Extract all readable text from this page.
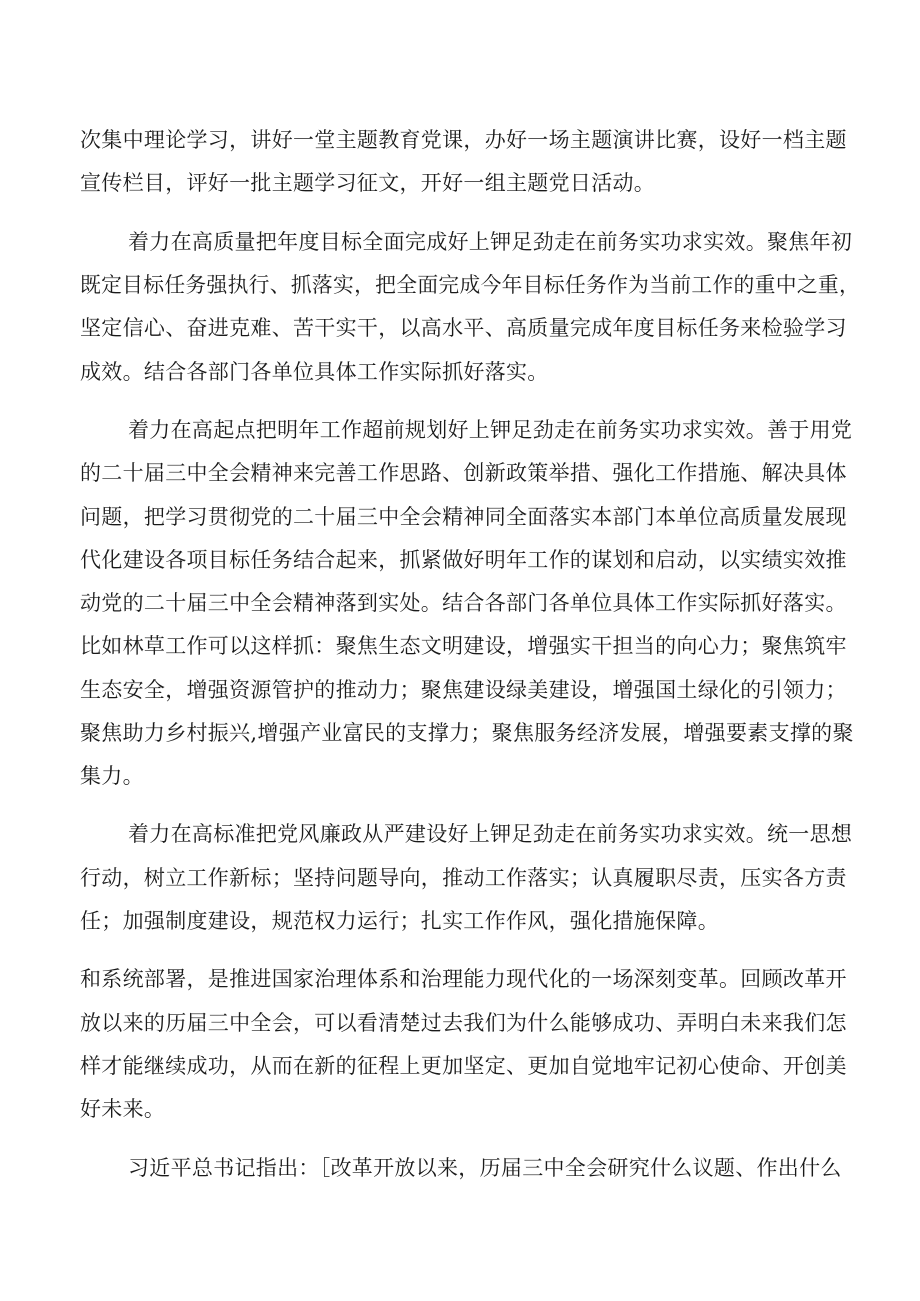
次集中理论学习，讲好一堂主题教育党课，办好一场主题演讲比赛，设好一档主题
宣传栏目，评好一批主题学习征文，开好一组主题党日活动。
着力在高质量把年度目标全面完成好上钾足劲走在前务实功求实效。聚焦年初
既定目标任务强执行、抓落实，把全面完成今年目标任务作为当前工作的重中之重，
坚定信心、奋进克难、苦干实干，以高水平、高质量完成年度目标任务来检验学习
成效。结合各部门各单位具体工作实际抓好落实。
着力在高起点把明年工作超前规划好上钾足劲走在前务实功求实效。善于用党
的二十届三中全会精神来完善工作思路、创新政策举措、强化工作措施、解决具体
问题，把学习贯彻党的二十届三中全会精神同全面落实本部门本单位高质量发展现
代化建设各项目标任务结合起来，抓紧做好明年工作的谋划和启动，以实绩实效推
动党的二十届三中全会精神落到实处。结合各部门各单位具体工作实际抓好落实。
比如林草工作可以这样抓：聚焦生态文明建设，增强实干担当的向心力；聚焦筑牢
生态安全，增强资源管护的推动力；聚焦建设绿美建设，增强国土绿化的引领力；
聚焦助力乡村振兴,增强产业富民的支撑力；聚焦服务经济发展，增强要素支撑的聚
集力。
着力在高标准把党风廉政从严建设好上钾足劲走在前务实功求实效。统一思想
行动，树立工作新标；坚持问题导向，推动工作落实；认真履职尽责，压实各方责
任；加强制度建设，规范权力运行；扎实工作作风，强化措施保障。
和系统部署，是推进国家治理体系和治理能力现代化的一场深刻变革。回顾改革开
放以来的历届三中全会，可以看清楚过去我们为什么能够成功、弄明白未来我们怎
样才能继续成功，从而在新的征程上更加坚定、更加自觉地牢记初心使命、开创美
好未来。
习近平总书记指出：［改革开放以来，历届三中全会研究什么议题、作出什么
